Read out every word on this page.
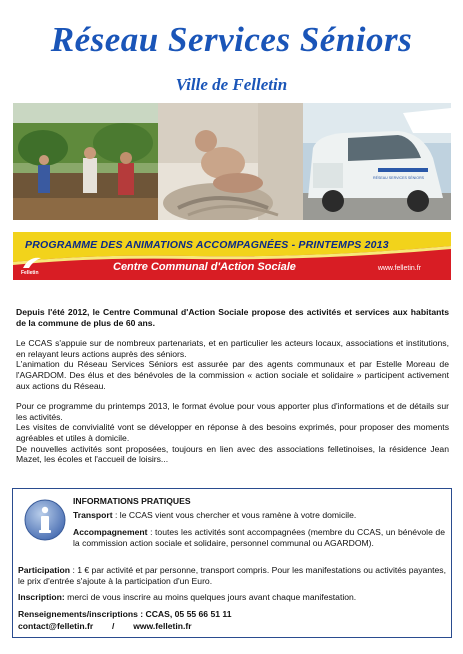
Réseau Services Séniors
Ville de Felletin
RÉSEAU SERVICES SÉNIORS
PROGRAMME DES ANIMATIONS ACCOMPAGNÉES - PRINTEMPS 2013
Felletin	Centre Communal d'Action Sociale	www.felletin.fr

Depuis l'été 2012, le Centre Communal d'Action Sociale propose des activités et services aux habitants de la commune de plus de 60 ans.

Le CCAS s'appuie sur de nombreux partenariats, et en particulier les acteurs locaux, associations et institutions, en relayant leurs actions auprès des séniors.

L'animation du Réseau Services Séniors est assurée par des agents communaux et par Estelle Moreau de l'AGARDOM. Des élus et des bénévoles de la commission « action sociale et solidaire » participent activement aux actions du Réseau.

Pour ce programme du printemps 2013, le format évolue pour vous apporter plus d'informations et de détails sur les activités.

Les visites de convivialité vont se développer en réponse à des besoins exprimés, pour proposer des moments agréables et utiles à domicile.

De nouvelles activités sont proposées, toujours en lien avec des associations felletinoises, la résidence Jean Mazet, les écoles et l'accueil de loisirs...

INFORMATIONS PRATIQUES
Transport : le CCAS vient vous chercher et vous ramène à votre domicile.
Accompagnement : toutes les activités sont accompagnées (membre du CCAS, un bénévole de la commission action sociale et solidaire, personnel communal ou AGARDOM).
Participation : 1 € par activité et par personne, transport compris. Pour les manifestations ou activités payantes, le prix d'entrée s'ajoute à la participation d'un Euro.
Inscription: merci de vous inscrire au moins quelques jours avant chaque manifestation.
Renseignements/inscriptions : CCAS, 05 55 66 51 11
contact@felletin.fr / www.felletin.fr
